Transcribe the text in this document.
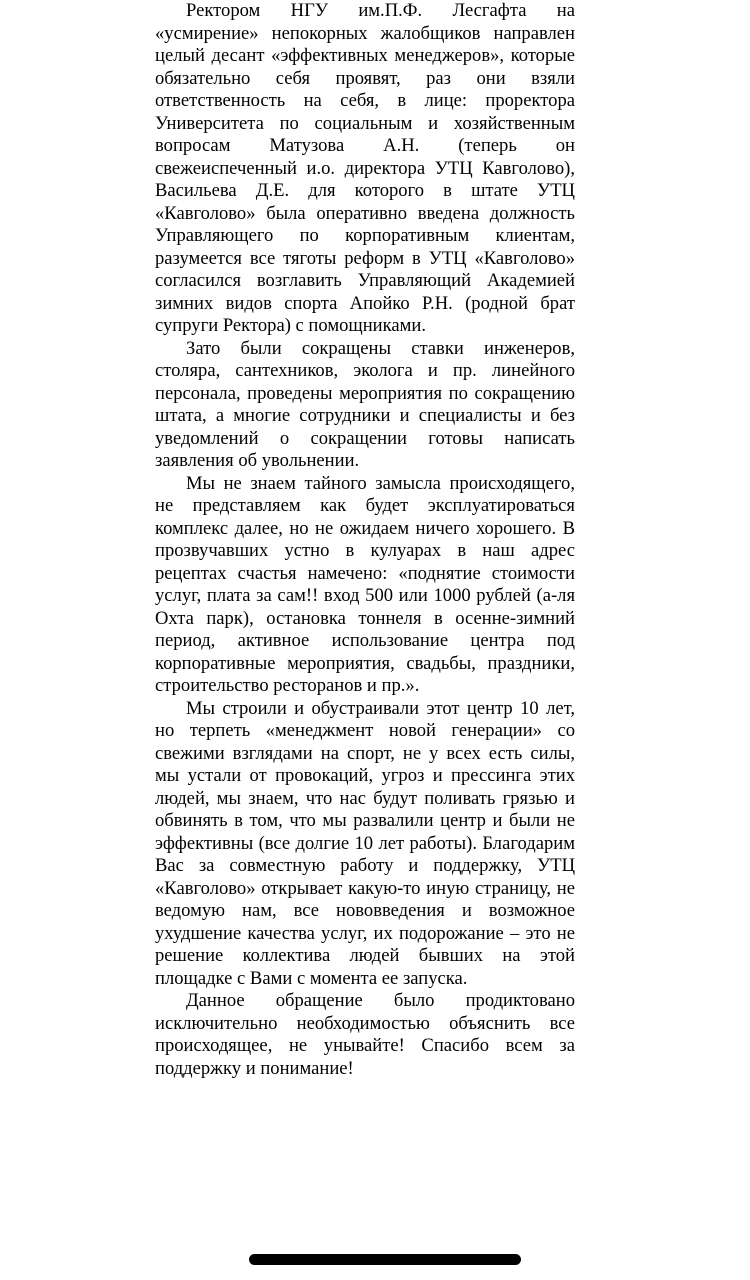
Ректором НГУ им.П.Ф. Лесгафта на «усмирение» непокорных жалобщиков направлен целый десант «эффективных менеджеров», которые обязательно себя проявят, раз они взяли ответственность на себя, в лице: проректора Университета по социальным и хозяйственным вопросам Матузова А.Н. (теперь он свежеиспеченный и.о. директора УТЦ Кавголово), Васильева Д.Е. для которого в штате УТЦ «Кавголово» была оперативно введена должность Управляющего по корпоративным клиентам, разумеется все тяготы реформ в УТЦ «Кавголово» согласился возглавить Управляющий Академией зимних видов спорта Апойко Р.Н. (родной брат супруги Ректора) с помощниками.

Зато были сокращены ставки инженеров, столяра, сантехников, эколога и пр. линейного персонала, проведены мероприятия по сокращению штата, а многие сотрудники и специалисты и без уведомлений о сокращении готовы написать заявления об увольнении.

Мы не знаем тайного замысла происходящего, не представляем как будет эксплуатироваться комплекс далее, но не ожидаем ничего хорошего. В прозвучавших устно в кулуарах в наш адрес рецептах счастья намечено: «поднятие стоимости услуг, плата за сам!! вход 500 или 1000 рублей (а-ля Охта парк), остановка тоннеля в осенне-зимний период, активное использование центра под корпоративные мероприятия, свадьбы, праздники, строительство ресторанов и пр.».

Мы строили и обустраивали этот центр 10 лет, но терпеть «менеджмент новой генерации» со свежими взглядами на спорт, не у всех есть силы, мы устали от провокаций, угроз и прессинга этих людей, мы знаем, что нас будут поливать грязью и обвинять в том, что мы развалили центр и были не эффективны (все долгие 10 лет работы). Благодарим Вас за совместную работу и поддержку, УТЦ «Кавголово» открывает какую-то иную страницу, не ведомую нам, все нововведения и возможное ухудшение качества услуг, их подорожание – это не решение коллектива людей бывших на этой площадке с Вами с момента ее запуска.

Данное обращение было продиктовано исключительно необходимостью объяснить все происходящее, не унывайте! Спасибо всем за поддержку и понимание!
